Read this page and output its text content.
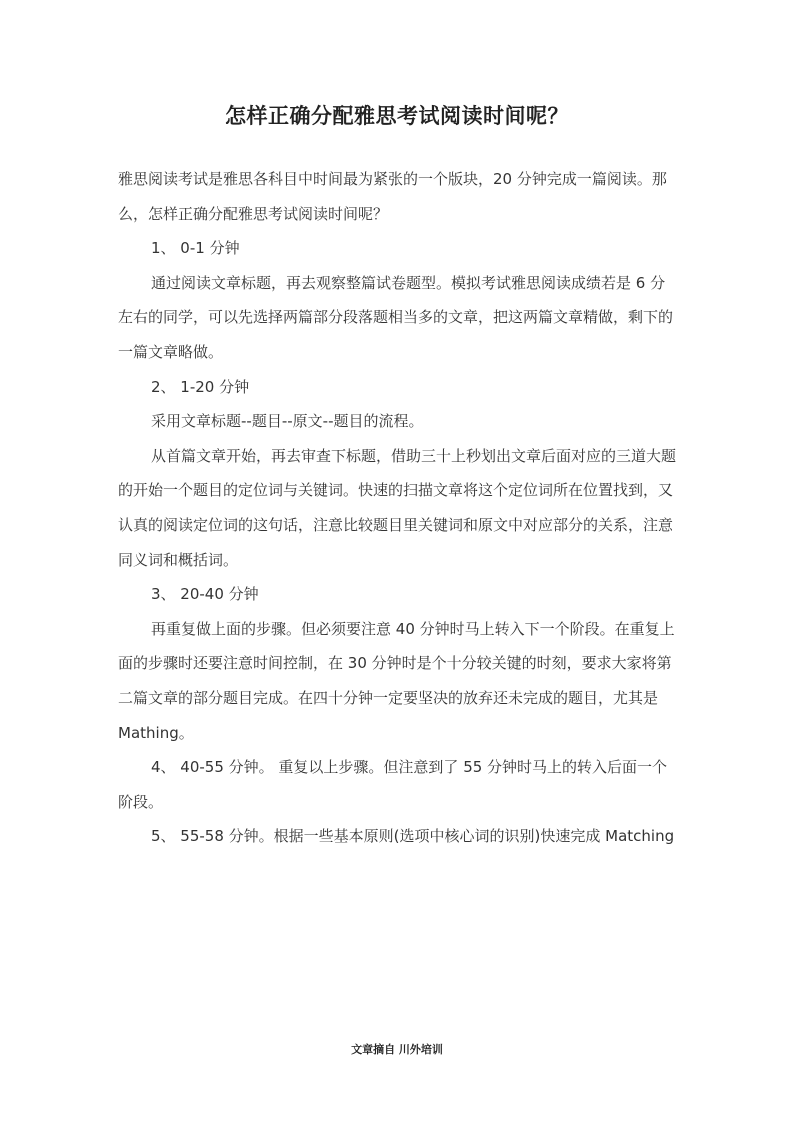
怎样正确分配雅思考试阅读时间呢？

雅思阅读考试是雅思各科目中时间最为紧张的一个版块，20 分钟完成一篇阅读。那么，怎样正确分配雅思考试阅读时间呢？

1、 0-1 分钟

通过阅读文章标题，再去观察整篇试卷题型。模拟考试雅思阅读成绩若是 6 分左右的同学，可以先选择两篇部分段落题相当多的文章，把这两篇文章精做，剩下的一篇文章略做。

2、 1-20 分钟

采用文章标题--题目--原文--题目的流程。

从首篇文章开始，再去审查下标题，借助三十上秒划出文章后面对应的三道大题的开始一个题目的定位词与关键词。快速的扫描文章将这个定位词所在位置找到，又认真的阅读定位词的这句话，注意比较题目里关键词和原文中对应部分的关系，注意同义词和概括词。

3、 20-40 分钟

再重复做上面的步骤。但必须要注意 40 分钟时马上转入下一个阶段。在重复上面的步骤时还要注意时间控制，在 30 分钟时是个十分较关键的时刻，要求大家将第二篇文章的部分题目完成。在四十分钟一定要坚决的放弃还未完成的题目，尤其是 Mathing。

4、 40-55 分钟。 重复以上步骤。但注意到了 55 分钟时马上的转入后面一个阶段。

5、 55-58 分钟。根据一些基本原则(选项中核心词的识别)快速完成 Matching

文章摘自 川外培训
